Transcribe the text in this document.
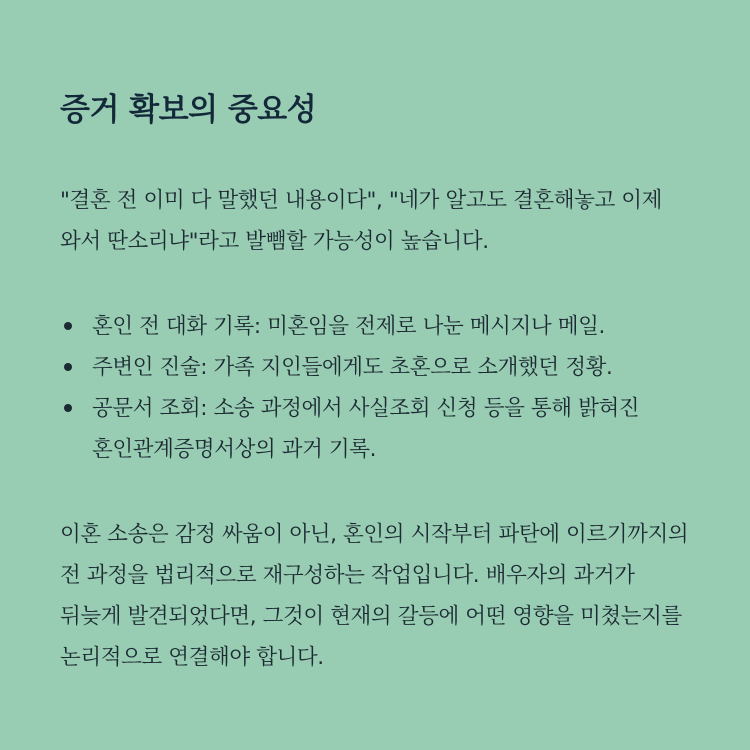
증거 확보의 중요성

"결혼 전 이미 다 말했던 내용이다", "네가 알고도 결혼해놓고 이제 와서 딴소리냐"라고 발뺌할 가능성이 높습니다.

혼인 전 대화 기록: 미혼임을 전제로 나눈 메시지나 메일.
주변인 진술: 가족 지인들에게도 초혼으로 소개했던 정황.
공문서 조회: 소송 과정에서 사실조회 신청 등을 통해 밝혀진 혼인관계증명서상의 과거 기록.

이혼 소송은 감정 싸움이 아닌, 혼인의 시작부터 파탄에 이르기까지의 전 과정을 법리적으로 재구성하는 작업입니다. 배우자의 과거가 뒤늦게 발견되었다면, 그것이 현재의 갈등에 어떤 영향을 미쳤는지를 논리적으로 연결해야 합니다.
